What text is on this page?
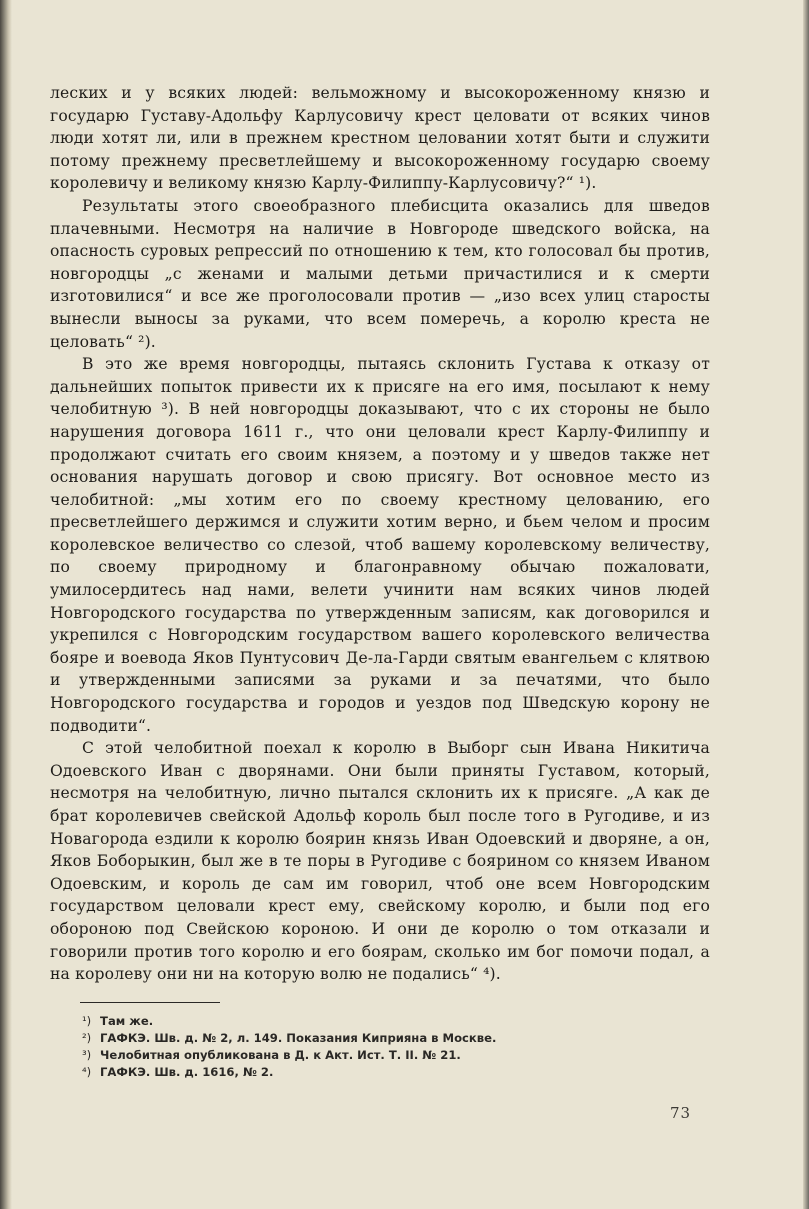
леских и у всяких людей: вельможному и высокороженному князю и государю Густаву-Адольфу Карлусовичу крест целовати от всяких чинов люди хотят ли, или в прежнем крестном целовании хотят быти и служити потому прежнему пресветлейшему и высокороженному государю своему королевичу и великому князю Карлу-Филиппу-Карлусовичу?“ ¹).

Результаты этого своеобразного плебисцита оказались для шведов плачевными. Несмотря на наличие в Новгороде шведского войска, на опасность суровых репрессий по отношению к тем, кто голосовал бы против, новгородцы „с женами и малыми детьми причастилися и к смерти изготовилися“ и все же проголосовали против — „изо всех улиц старосты вынесли выносы за руками, что всем померечь, а королю креста не целовать“ ²).

В это же время новгородцы, пытаясь склонить Густава к отказу от дальнейших попыток привести их к присяге на его имя, посылают к нему челобитную ³). В ней новгородцы доказывают, что с их стороны не было нарушения договора 1611 г., что они целовали крест Карлу-Филиппу и продолжают считать его своим князем, а поэтому и у шведов также нет основания нарушать договор и свою присягу. Вот основное место из челобитной: „мы хотим его по своему крестному целованию, его пресветлейшего держимся и служити хотим верно, и бьем челом и просим королевское величество со слезой, чтоб вашему королевскому величеству, по своему природному и благонравному обычаю пожаловати, умилосердитесь над нами, велети учинити нам всяких чинов людей Новгородского государства по утвержденным записям, как договорился и укрепился с Новгородским государством вашего королевского величества бояре и воевода Яков Пунтусович Де-ла-Гарди святым евангельем с клятвою и утвержденными записями за руками и за печатями, что было Новгородского государства и городов и уездов под Шведскую корону не подводити“.

С этой челобитной поехал к королю в Выборг сын Ивана Никитича Одоевского Иван с дворянами. Они были приняты Густавом, который, несмотря на челобитную, лично пытался склонить их к присяге. „А как де брат королевичев свейской Адольф король был после того в Ругодиве, и из Новагорода ездили к королю боярин князь Иван Одоевский и дворяне, а он, Яков Боборыкин, был же в те поры в Ругодиве с боярином со князем Иваном Одоевским, и король де сам им говорил, чтоб оне всем Новгородским государством целовали крест ему, свейскому королю, и были под его обороною под Свейскою короною. И они де королю о том отказали и говорили против того королю и его боярам, сколько им бог помочи подал, а на королеву они ни на которую волю не подались“ ⁴).

¹) Там же.

²) ГАФКЭ. Шв. д. № 2, л. 149. Показания Киприяна в Москве.

³) Челобитная опубликована в Д. к Акт. Ист. Т. II. № 21.

⁴) ГАФКЭ. Шв. д. 1616, № 2.

73
